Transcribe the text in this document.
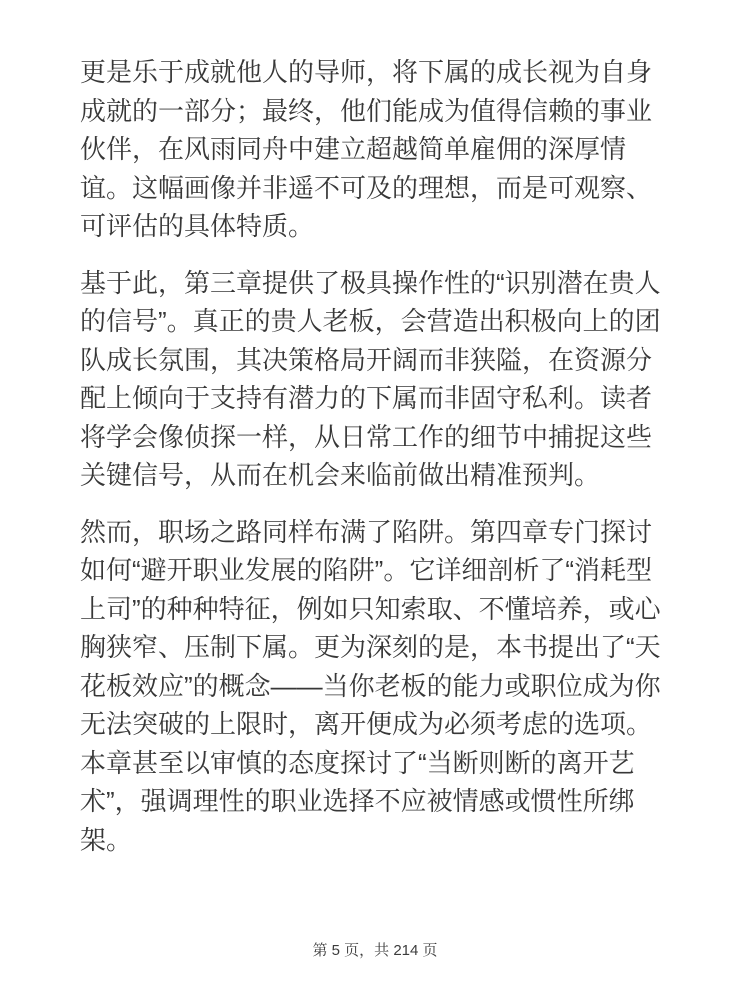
更是乐于成就他人的导师，将下属的成长视为自身成就的一部分；最终，他们能成为值得信赖的事业伙伴，在风雨同舟中建立超越简单雇佣的深厚情谊。这幅画像并非遥不可及的理想，而是可观察、可评估的具体特质。

基于此，第三章提供了极具操作性的“识别潜在贵人的信号”。真正的贵人老板，会营造出积极向上的团队成长氛围，其决策格局开阔而非狭隘，在资源分配上倾向于支持有潜力的下属而非固守私利。读者将学会像侦探一样，从日常工作的细节中捕捉这些关键信号，从而在机会来临前做出精准预判。

然而，职场之路同样布满了陷阱。第四章专门探讨如何“避开职业发展的陷阱”。它详细剖析了“消耗型上司”的种种特征，例如只知索取、不懂培养，或心胸狭窄、压制下属。更为深刻的是，本书提出了“天花板效应”的概念——当你老板的能力或职位成为你无法突破的上限时，离开便成为必须考虑的选项。本章甚至以审慎的态度探讨了“当断则断的离开艺术”，强调理性的职业选择不应被情感或惯性所绑架。

第 5 页，共 214 页
